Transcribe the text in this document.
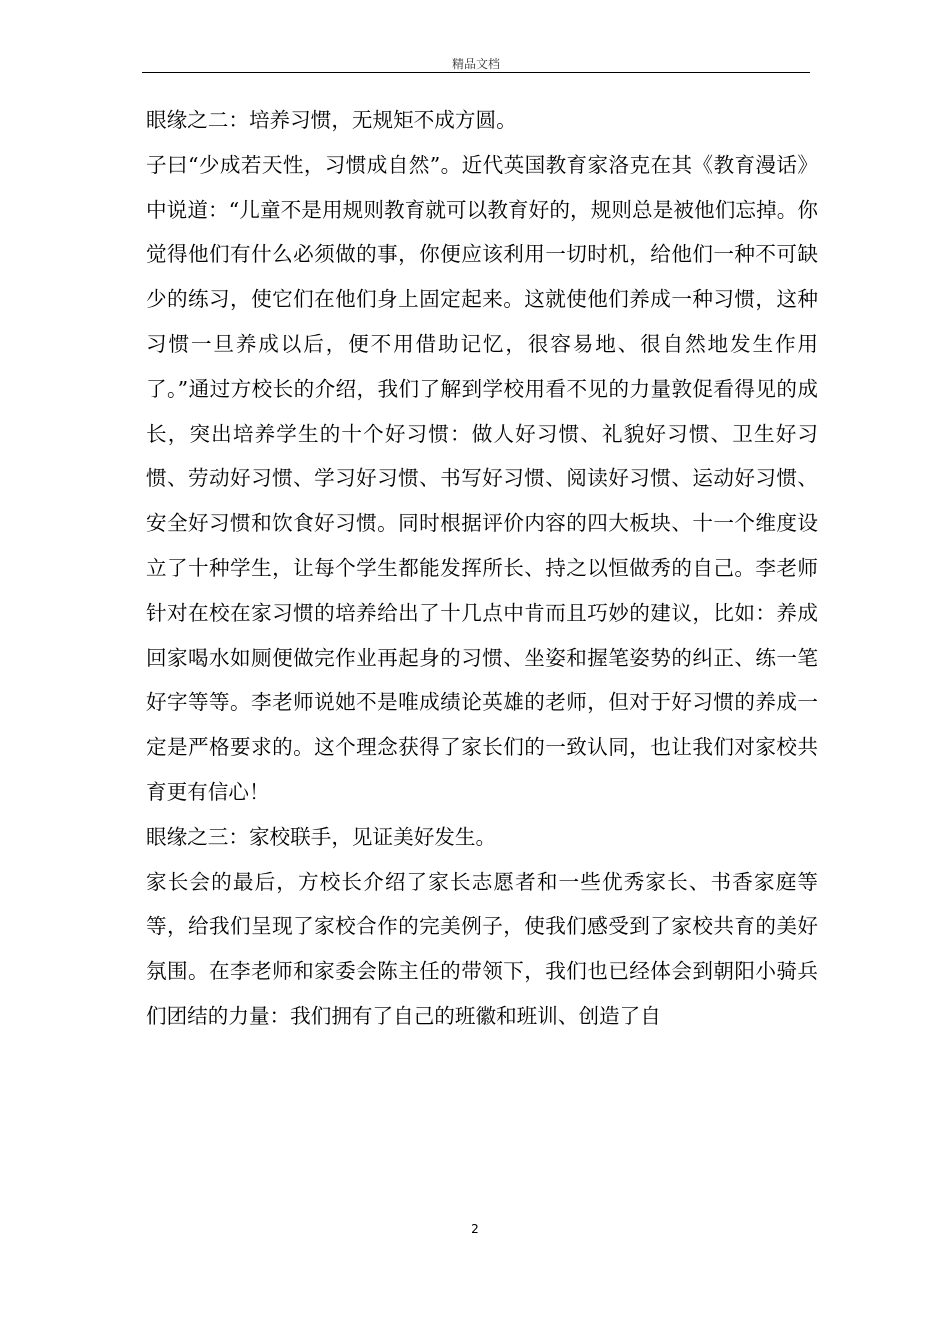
精品文档

眼缘之二：培养习惯，无规矩不成方圆。

子曰“少成若天性，习惯成自然”。近代英国教育家洛克在其《教育漫话》中说道：“儿童不是用规则教育就可以教育好的，规则总是被他们忘掉。你觉得他们有什么必须做的事，你便应该利用一切时机，给他们一种不可缺少的练习，使它们在他们身上固定起来。这就使他们养成一种习惯，这种习惯一旦养成以后，便不用借助记忆，很容易地、很自然地发生作用了。”通过方校长的介绍，我们了解到学校用看不见的力量敦促看得见的成长，突出培养学生的十个好习惯：做人好习惯、礼貌好习惯、卫生好习惯、劳动好习惯、学习好习惯、书写好习惯、阅读好习惯、运动好习惯、安全好习惯和饮食好习惯。同时根据评价内容的四大板块、十一个维度设立了十种学生，让每个学生都能发挥所长、持之以恒做秀的自己。李老师针对在校在家习惯的培养给出了十几点中肯而且巧妙的建议，比如：养成回家喝水如厕便做完作业再起身的习惯、坐姿和握笔姿势的纠正、练一笔好字等等。李老师说她不是唯成绩论英雄的老师，但对于好习惯的养成一定是严格要求的。这个理念获得了家长们的一致认同，也让我们对家校共育更有信心！

眼缘之三：家校联手，见证美好发生。

家长会的最后，方校长介绍了家长志愿者和一些优秀家长、书香家庭等等，给我们呈现了家校合作的完美例子，使我们感受到了家校共育的美好氛围。在李老师和家委会陈主任的带领下，我们也已经体会到朝阳小骑兵们团结的力量：我们拥有了自己的班徽和班训、创造了自

2
